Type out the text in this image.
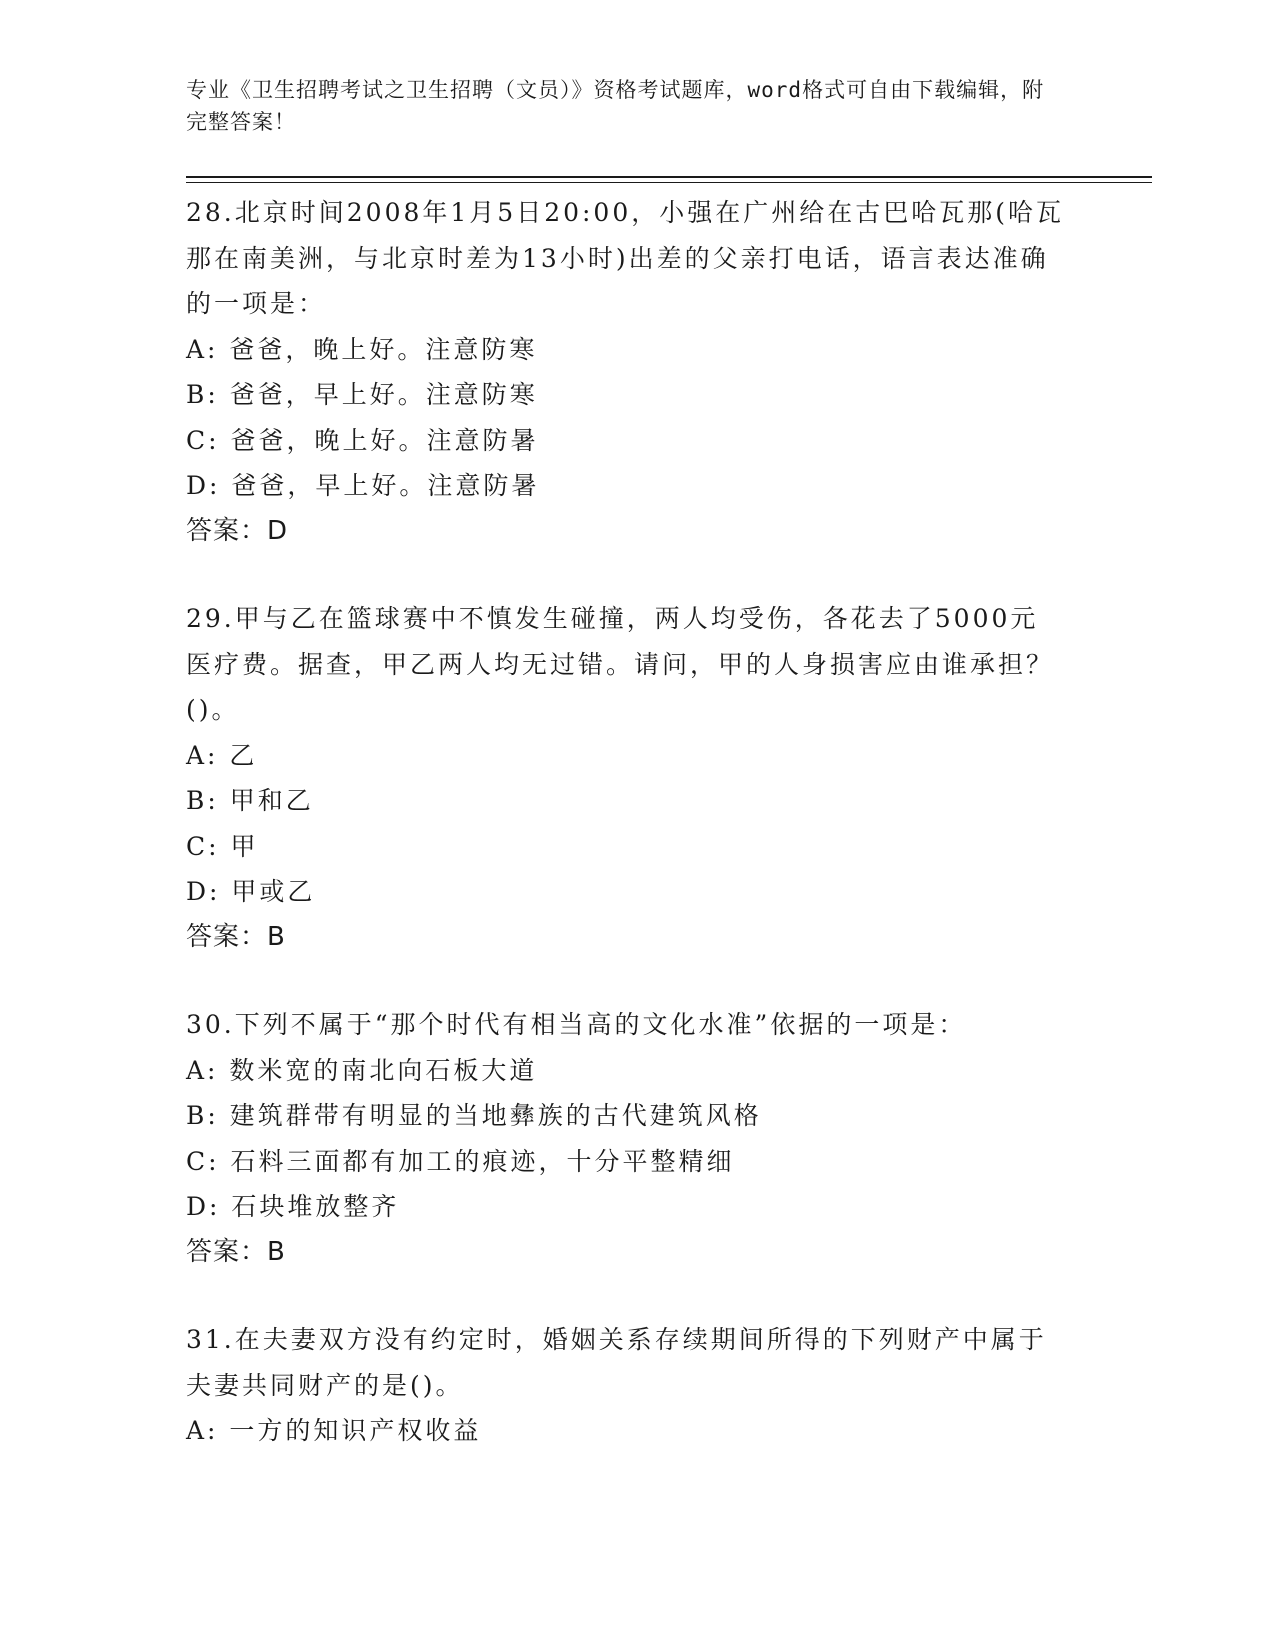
专业《卫生招聘考试之卫生招聘（文员）》资格考试题库，word格式可自由下载编辑，附完整答案！

28.北京时间2008年1月5日20:00，小强在广州给在古巴哈瓦那(哈瓦那在南美洲，与北京时差为13小时)出差的父亲打电话，语言表达准确的一项是：

A: 爸爸，晚上好。注意防寒

B: 爸爸，早上好。注意防寒

C: 爸爸，晚上好。注意防暑

D: 爸爸，早上好。注意防暑

答案：D

29.甲与乙在篮球赛中不慎发生碰撞，两人均受伤，各花去了5000元医疗费。据查，甲乙两人均无过错。请问，甲的人身损害应由谁承担？()。

A: 乙

B: 甲和乙

C: 甲

D: 甲或乙

答案：B

30.下列不属于“那个时代有相当高的文化水准”依据的一项是：

A: 数米宽的南北向石板大道

B: 建筑群带有明显的当地彝族的古代建筑风格

C: 石料三面都有加工的痕迹，十分平整精细

D: 石块堆放整齐

答案：B

31.在夫妻双方没有约定时，婚姻关系存续期间所得的下列财产中属于夫妻共同财产的是()。

A: 一方的知识产权收益
